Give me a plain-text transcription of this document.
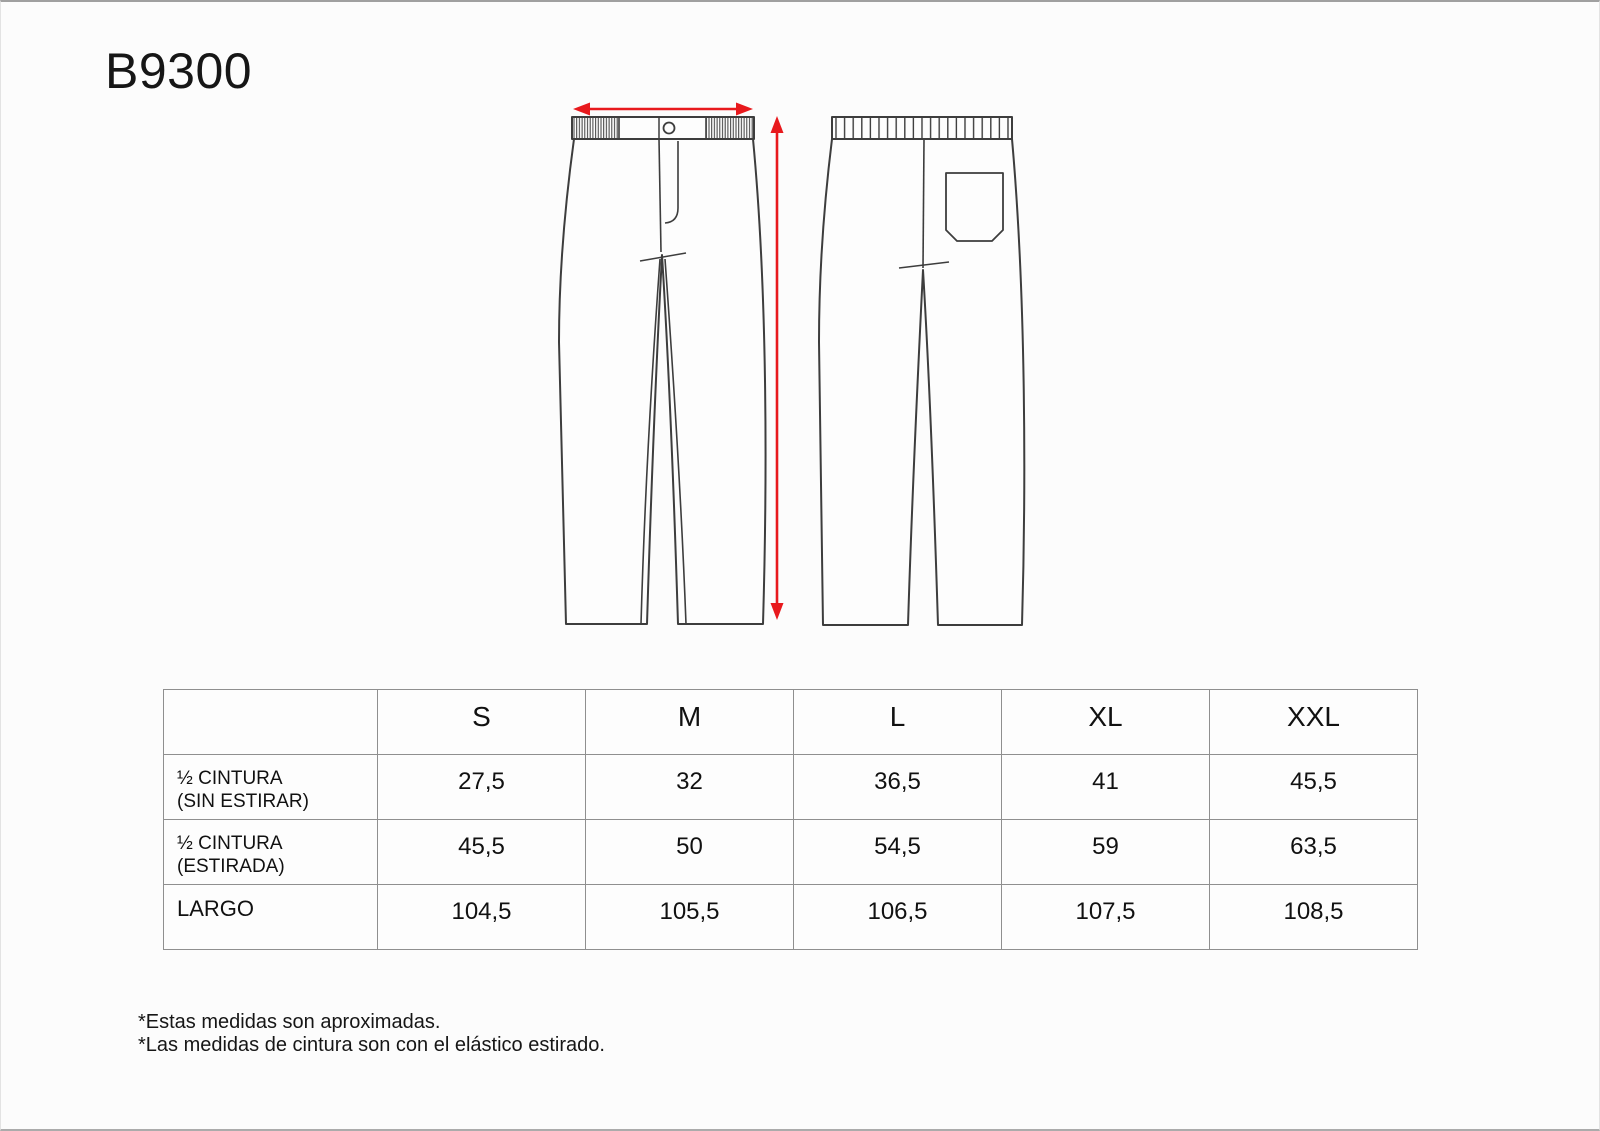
B9300
	S	M	L	XL	XXL

½ CINTURA
(SIN ESTIRAR)	27,5	32	36,5	41	45,5

½ CINTURA
(ESTIRADA)	45,5	50	54,5	59	63,5

LARGO	104,5	105,5	106,5	107,5	108,5
*Estas medidas son aproximadas.
*Las medidas de cintura son con el elástico estirado.
